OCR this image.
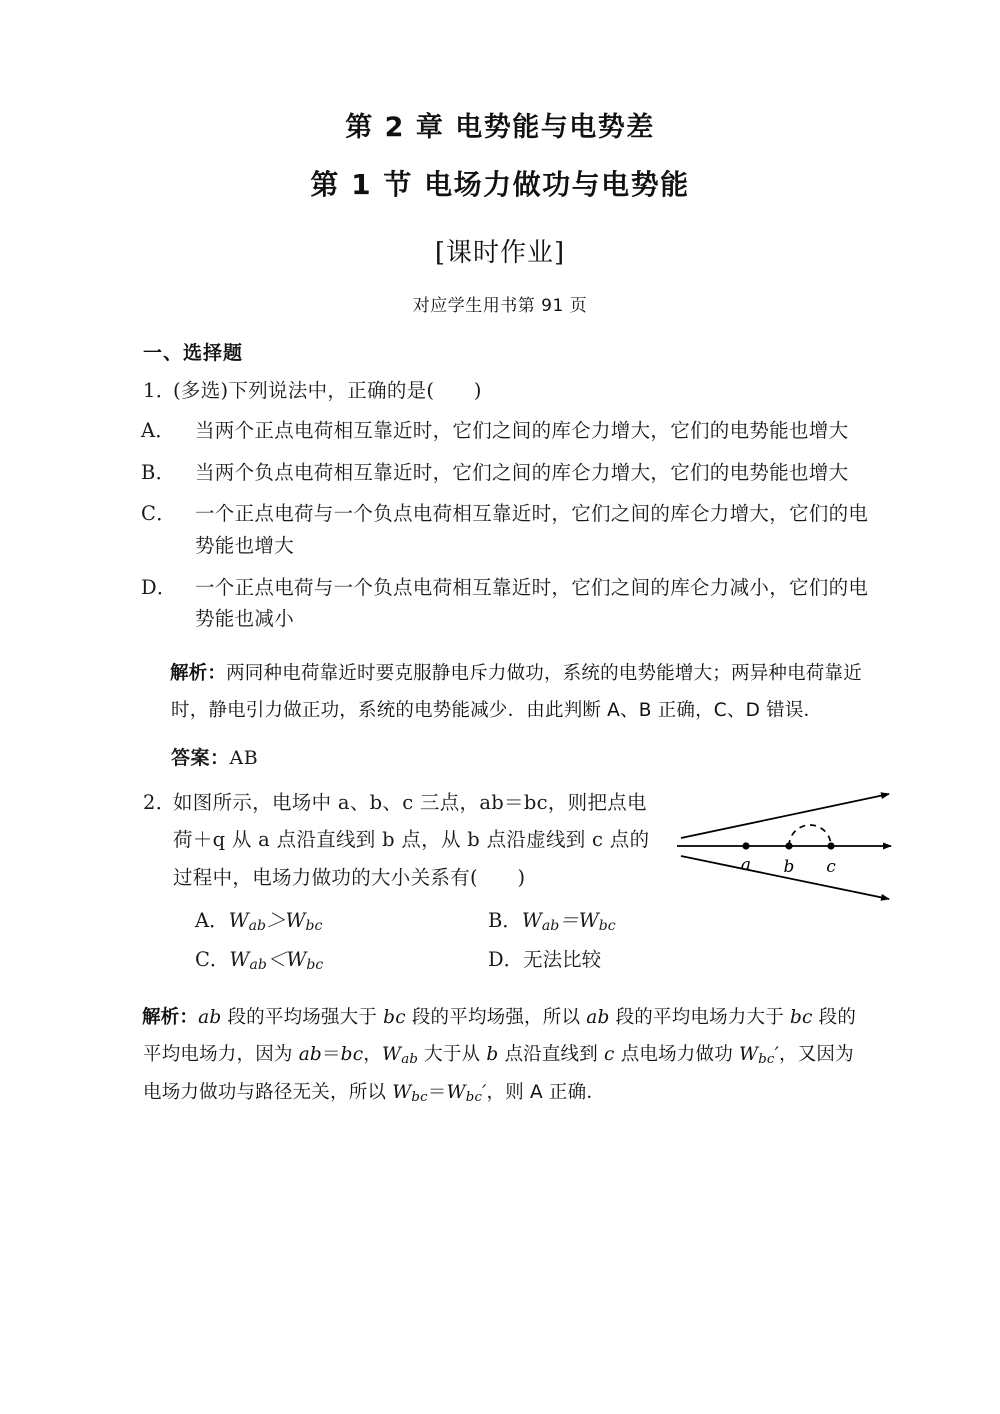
第 2 章 电势能与电势差
第 1 节 电场力做功与电势能
[课时作业]
对应学生用书第 91 页
一、选择题
1．(多选)下列说法中，正确的是(　　)
A． 当两个正点电荷相互靠近时，它们之间的库仑力增大，它们的电势能也增大
B． 当两个负点电荷相互靠近时，它们之间的库仑力增大，它们的电势能也增大
C． 一个正点电荷与一个负点电荷相互靠近时，它们之间的库仑力增大，它们的电势能也增大
D． 一个正点电荷与一个负点电荷相互靠近时，它们之间的库仑力减小，它们的电势能也减小
解析：两同种电荷靠近时要克服静电斥力做功，系统的电势能增大；两异种电荷靠近时，静电引力做正功，系统的电势能减少．由此判断 A、B 正确，C、D 错误．
答案：AB
2．如图所示，电场中 a、b、c 三点，ab＝bc，则把点电
荷＋q 从 a 点沿直线到 b 点，从 b 点沿虚线到 c 点的
过程中，电场力做功的大小关系有(　　)
a b c
A．$W_{ab}>W_{bc}$	B．$W_{ab}=W_{bc}$
C．$W_{ab}<W_{bc}$	D．无法比较
解析：ab 段的平均场强大于 bc 段的平均场强，所以 ab 段的平均电场力大于 bc 段的平均电场力，因为 ab＝bc，$W_{ab}$ 大于从 b 点沿直线到 c 点电场力做功 $W_{bc}'$，又因为电场力做功与路径无关，所以 $W_{bc}=W_{bc}'$，则 A 正确．
